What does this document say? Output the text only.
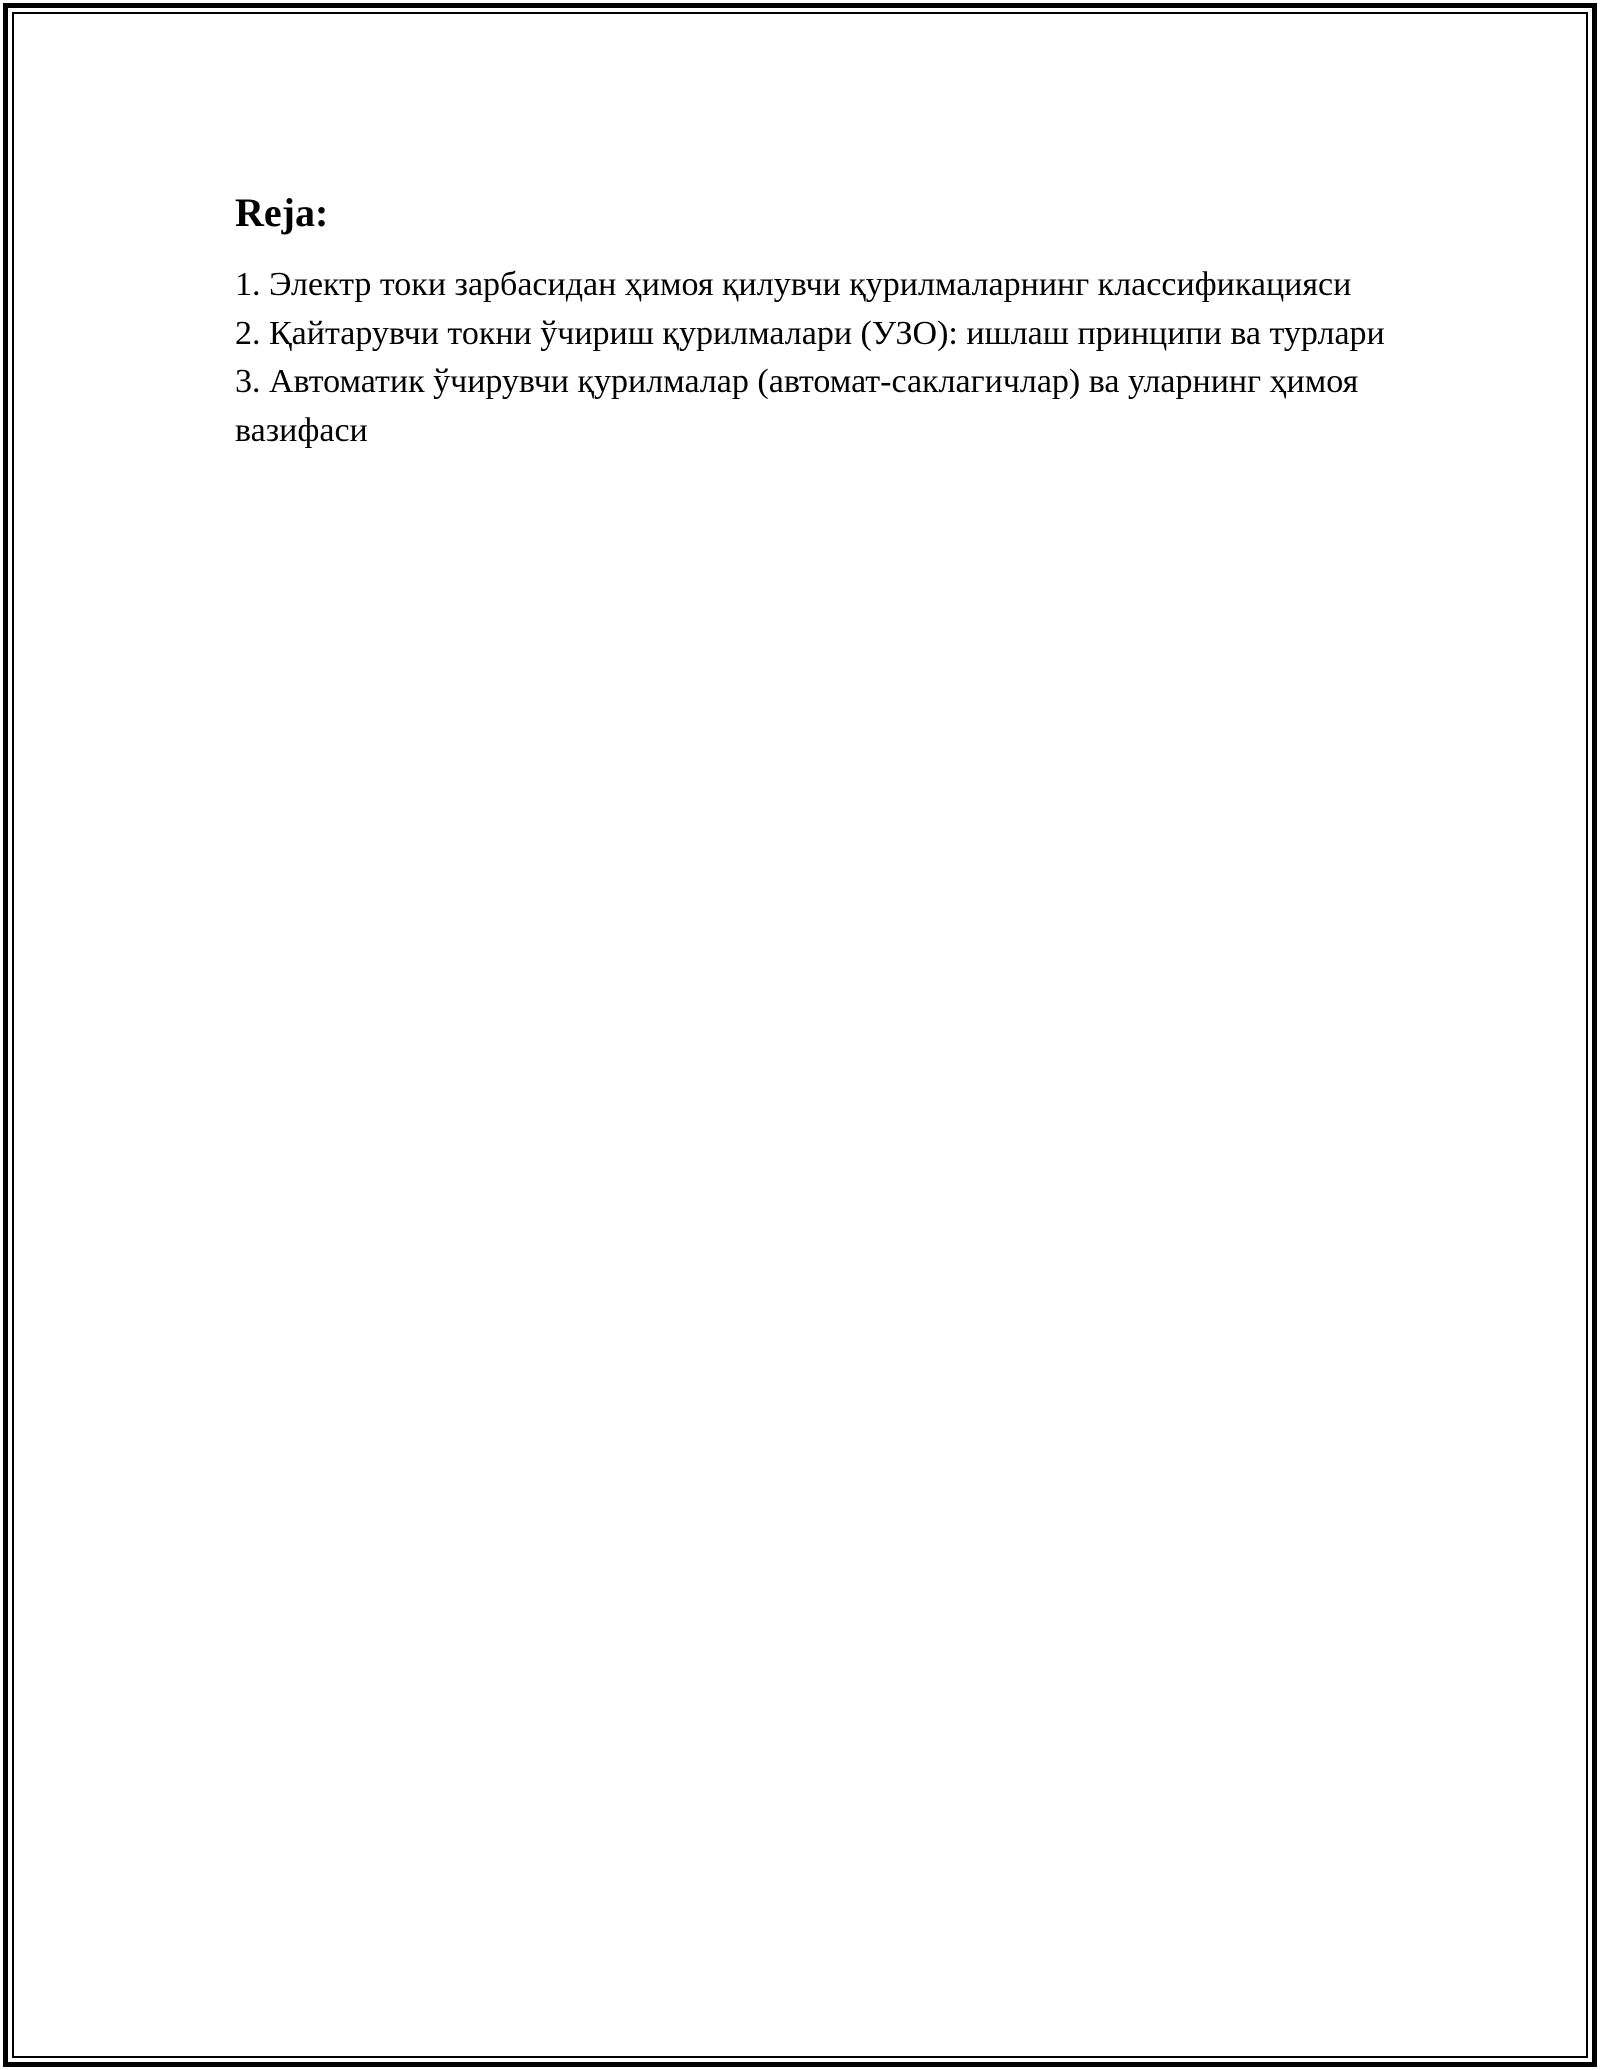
Reja:
1. Электр токи зарбасидан ҳимоя қилувчи қурилмаларнинг классификацияси
2. Қайтарувчи токни ўчириш қурилмалари (УЗО): ишлаш принципи ва турлари
3. Автоматик ўчирувчи қурилмалар (автомат-саклагичлар) ва уларнинг ҳимоя вазифаси
